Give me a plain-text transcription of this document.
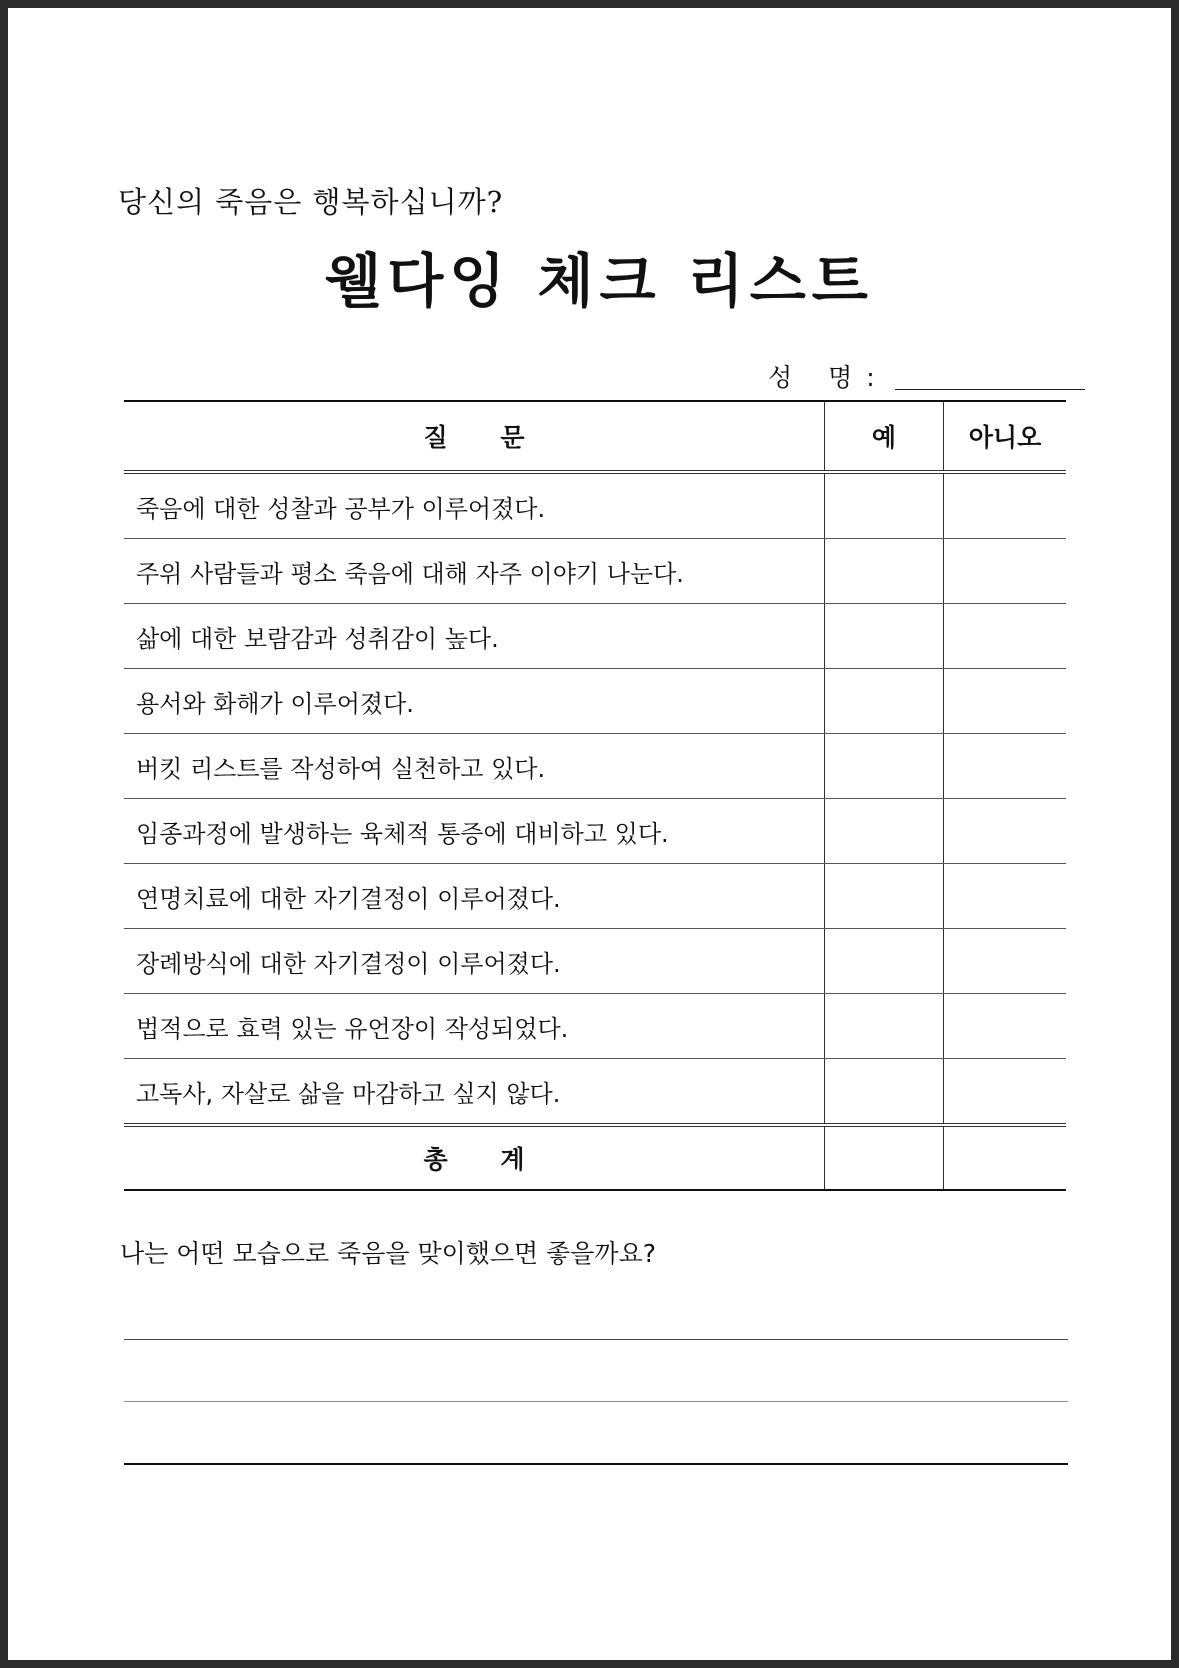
당신의 죽음은 행복하십니까?
웰다잉 체크 리스트
성 명:
질 문	예	아니오
죽음에 대한 성찰과 공부가 이루어졌다.		
주위 사람들과 평소 죽음에 대해 자주 이야기 나눈다.		
삶에 대한 보람감과 성취감이 높다.		
용서와 화해가 이루어졌다.		
버킷 리스트를 작성하여 실천하고 있다.		
임종과정에 발생하는 육체적 통증에 대비하고 있다.		
연명치료에 대한 자기결정이 이루어졌다.		
장례방식에 대한 자기결정이 이루어졌다.		
법적으로 효력 있는 유언장이 작성되었다.		
고독사, 자살로 삶을 마감하고 싶지 않다.		
총 계		
나는 어떤 모습으로 죽음을 맞이했으면 좋을까요?
